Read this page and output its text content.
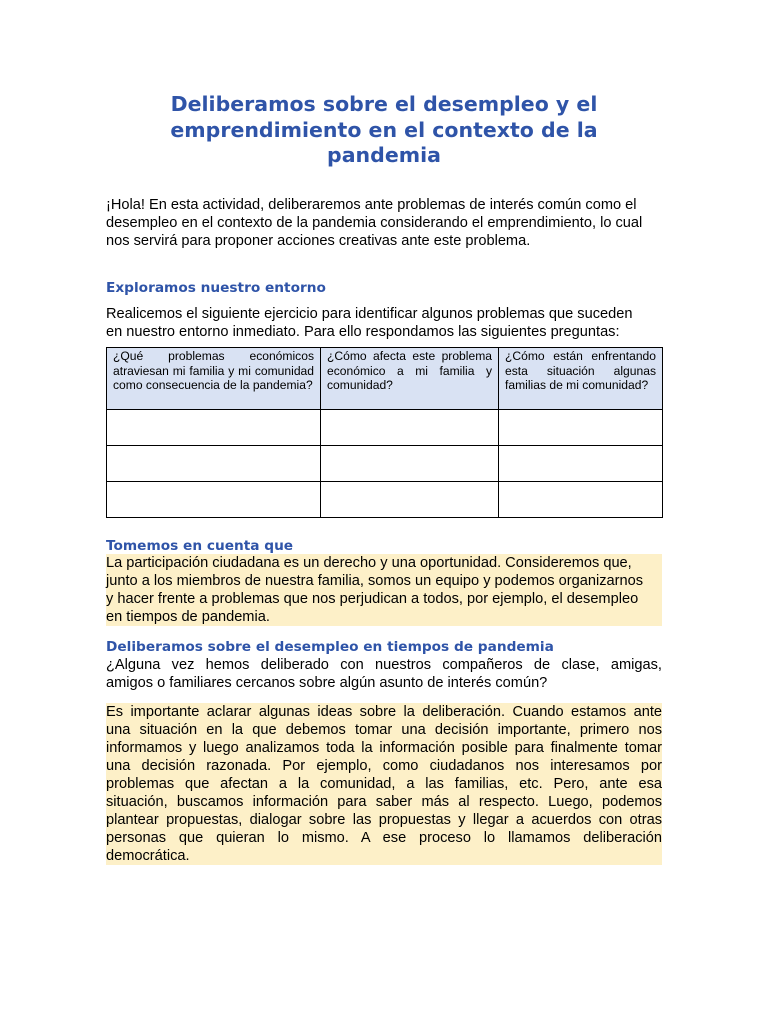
Deliberamos sobre el desempleo y el
emprendimiento en el contexto de la
pandemia
¡Hola! En esta actividad, deliberaremos ante problemas de interés común como el
desempleo en el contexto de la pandemia considerando el emprendimiento, lo cual
nos servirá para proponer acciones creativas ante este problema.
Exploramos nuestro entorno
Realicemos el siguiente ejercicio para identificar algunos problemas que suceden
en nuestro entorno inmediato. Para ello respondamos las siguientes preguntas:
¿Qué problemas económicos atraviesan mi familia y mi comunidad como consecuencia de la pandemia?	¿Cómo afecta este problema económico a mi familia y comunidad?	¿Cómo están enfrentando esta situación algunas familias de mi comunidad?

Tomemos en cuenta que
La participación ciudadana es un derecho y una oportunidad. Consideremos que,
junto a los miembros de nuestra familia, somos un equipo y podemos organizarnos
y hacer frente a problemas que nos perjudican a todos, por ejemplo, el desempleo
en tiempos de pandemia.
Deliberamos sobre el desempleo en tiempos de pandemia
¿Alguna vez hemos deliberado con nuestros compañeros de clase, amigas,
amigos o familiares cercanos sobre algún asunto de interés común?
Es importante aclarar algunas ideas sobre la deliberación. Cuando estamos ante
una situación en la que debemos tomar una decisión importante, primero nos
informamos y luego analizamos toda la información posible para finalmente tomar
una decisión razonada. Por ejemplo, como ciudadanos nos interesamos por
problemas que afectan a la comunidad, a las familias, etc. Pero, ante esa
situación, buscamos información para saber más al respecto. Luego, podemos
plantear propuestas, dialogar sobre las propuestas y llegar a acuerdos con otras
personas que quieran lo mismo. A ese proceso lo llamamos deliberación
democrática.
